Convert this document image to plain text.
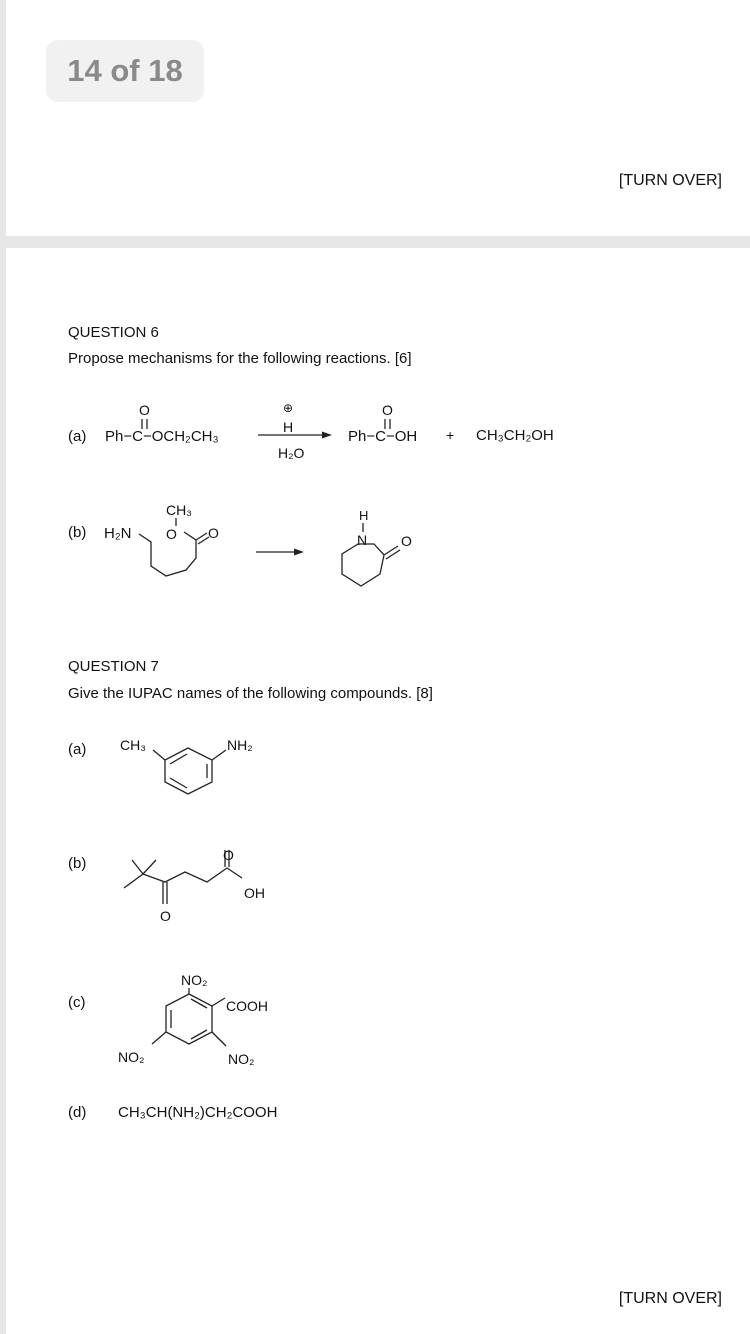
14 of 18
[TURN OVER]
QUESTION 6
Propose mechanisms for the following reactions. [6]
(a) Ph−C−OCH₂CH₃
O	⊕
H
H₂O
Ph−C−OH
O
+ CH₃CH₂OH
(b) H₂N
CH₃
O O
H
N O
QUESTION 7
Give the IUPAC names of the following compounds. [8]
(a) CH₃	NH₂
(b)
O
O
OH
(c)
NO₂
COOH
NO₂	NO₂
(d) CH₃CH(NH₂)CH₂COOH
[TURN OVER]
